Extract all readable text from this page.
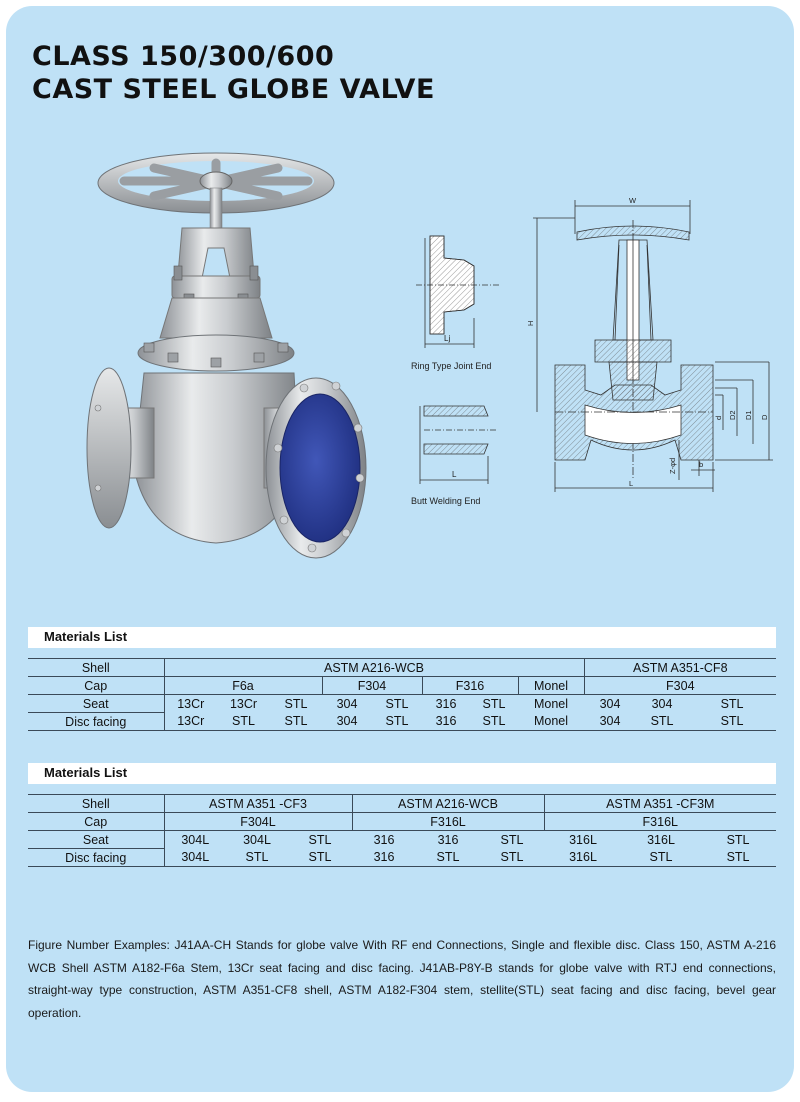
CLASS 150/300/600
CAST STEEL GLOBE VALVE
Lj
Ring Type Joint End
L
Butt Welding End
W
H
L
d D2 D1 D
Z-φd	b
Materials List
Shell	ASTM A216-WCB								ASTM A351-CF8		
Cap	F6a			F304		F316		Monel	F304		
Seat	13Cr	13Cr	STL	304	STL	316	STL	Monel	304	304	STL
Disc facing	13Cr	STL	STL	304	STL	316	STL	Monel	304	STL	STL
Materials List
Shell	ASTM A351 -CF3			ASTM A216-WCB			ASTM A351 -CF3M		
Cap	F304L			F316L			F316L		
Seat	304L	304L	STL	316	316	STL	316L	316L	STL
Disc facing	304L	STL	STL	316	STL	STL	316L	STL	STL

Figure Number Examples: J41AA-CH Stands for globe valve With RF end Connections, Single and flexible disc. Class 150, ASTM A-216 WCB Shell ASTM A182-F6a Stem, 13Cr seat facing and disc facing. J41AB-P8Y-B stands for globe valve with RTJ end connections, straight-way type construction, ASTM A351-CF8 shell, ASTM A182-F304 stem, stellite(STL) seat facing and disc facing, bevel gear operation.
